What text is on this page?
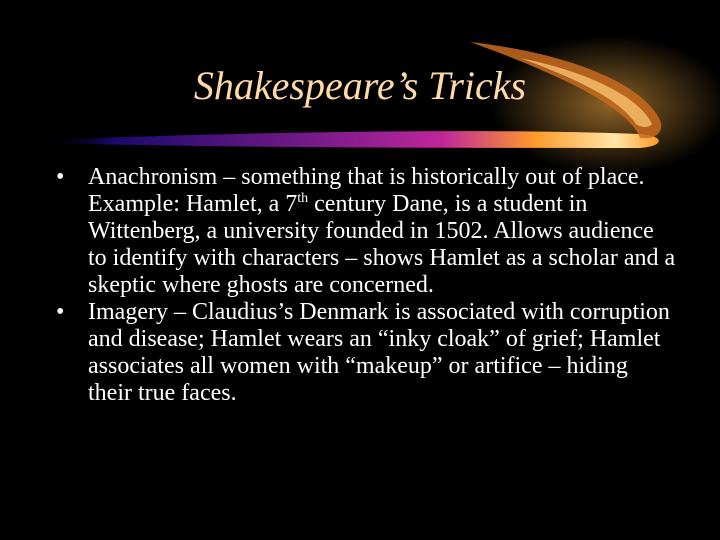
Shakespeare’s Tricks
• Anachronism – something that is historically out of place. Example: Hamlet, a 7th century Dane, is a student in Wittenberg, a university founded in 1502. Allows audience to identify with characters – shows Hamlet as a scholar and a skeptic where ghosts are concerned.
• Imagery – Claudius’s Denmark is associated with corruption and disease; Hamlet wears an “inky cloak” of grief; Hamlet associates all women with “makeup” or artifice – hiding their true faces.
